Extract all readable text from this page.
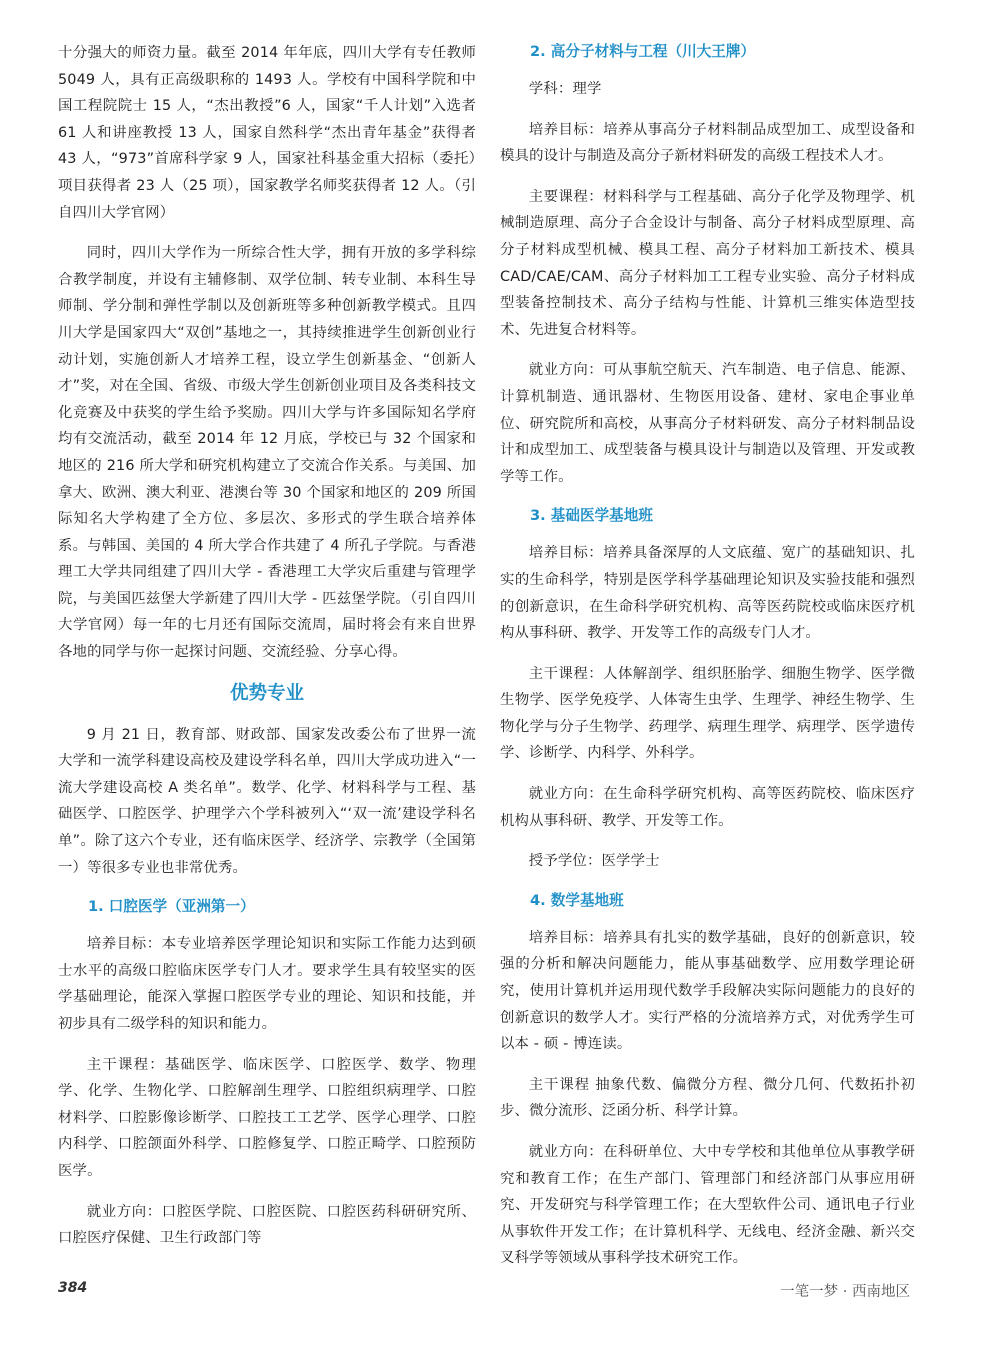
十分强大的师资力量。截至 2014 年年底，四川大学有专任教师 5049 人，具有正高级职称的 1493 人。学校有中国科学院和中国工程院院士 15 人，“杰出教授”6 人，国家“千人计划”入选者 61 人和讲座教授 13 人，国家自然科学“杰出青年基金”获得者 43 人，“973”首席科学家 9 人，国家社科基金重大招标（委托）项目获得者 23 人（25 项），国家教学名师奖获得者 12 人。（引自四川大学官网）

同时，四川大学作为一所综合性大学，拥有开放的多学科综合教学制度，并设有主辅修制、双学位制、转专业制、本科生导师制、学分制和弹性学制以及创新班等多种创新教学模式。且四川大学是国家四大“双创”基地之一，其持续推进学生创新创业行动计划，实施创新人才培养工程，设立学生创新基金、“创新人才”奖，对在全国、省级、市级大学生创新创业项目及各类科技文化竞赛及中获奖的学生给予奖励。四川大学与许多国际知名学府均有交流活动，截至 2014 年 12 月底，学校已与 32 个国家和地区的 216 所大学和研究机构建立了交流合作关系。与美国、加拿大、欧洲、澳大利亚、港澳台等 30 个国家和地区的 209 所国际知名大学构建了全方位、多层次、多形式的学生联合培养体系。与韩国、美国的 4 所大学合作共建了 4 所孔子学院。与香港理工大学共同组建了四川大学 - 香港理工大学灾后重建与管理学院，与美国匹兹堡大学新建了四川大学 - 匹兹堡学院。（引自四川大学官网）每一年的七月还有国际交流周，届时将会有来自世界各地的同学与你一起探讨问题、交流经验、分享心得。

优势专业

9 月 21 日，教育部、财政部、国家发改委公布了世界一流大学和一流学科建设高校及建设学科名单，四川大学成功进入“一流大学建设高校 A 类名单”。数学、化学、材料科学与工程、基础医学、口腔医学、护理学六个学科被列入“‘双一流’建设学科名单”。除了这六个专业，还有临床医学、经济学、宗教学（全国第一）等很多专业也非常优秀。

1. 口腔医学（亚洲第一）

培养目标：本专业培养医学理论知识和实际工作能力达到硕士水平的高级口腔临床医学专门人才。要求学生具有较坚实的医学基础理论，能深入掌握口腔医学专业的理论、知识和技能，并初步具有二级学科的知识和能力。

主干课程：基础医学、临床医学、口腔医学、数学、物理学、化学、生物化学、口腔解剖生理学、口腔组织病理学、口腔材料学、口腔影像诊断学、口腔技工工艺学、医学心理学、口腔内科学、口腔颌面外科学、口腔修复学、口腔正畸学、口腔预防医学。

就业方向：口腔医学院、口腔医院、口腔医药科研研究所、口腔医疗保健、卫生行政部门等

2. 高分子材料与工程（川大王牌）

学科：理学

培养目标：培养从事高分子材料制品成型加工、成型设备和模具的设计与制造及高分子新材料研发的高级工程技术人才。

主要课程：材料科学与工程基础、高分子化学及物理学、机械制造原理、高分子合金设计与制备、高分子材料成型原理、高分子材料成型机械、模具工程、高分子材料加工新技术、模具 CAD/CAE/CAM、高分子材料加工工程专业实验、高分子材料成型装备控制技术、高分子结构与性能、计算机三维实体造型技术、先进复合材料等。

就业方向：可从事航空航天、汽车制造、电子信息、能源、计算机制造、通讯器材、生物医用设备、建材、家电企事业单位、研究院所和高校，从事高分子材料研发、高分子材料制品设计和成型加工、成型装备与模具设计与制造以及管理、开发或教学等工作。

3. 基础医学基地班

培养目标：培养具备深厚的人文底蕴、宽广的基础知识、扎实的生命科学，特别是医学科学基础理论知识及实验技能和强烈的创新意识，在生命科学研究机构、高等医药院校或临床医疗机构从事科研、教学、开发等工作的高级专门人才。

主干课程：人体解剖学、组织胚胎学、细胞生物学、医学微生物学、医学免疫学、人体寄生虫学、生理学、神经生物学、生物化学与分子生物学、药理学、病理生理学、病理学、医学遗传学、诊断学、内科学、外科学。

就业方向：在生命科学研究机构、高等医药院校、临床医疗机构从事科研、教学、开发等工作。

授予学位：医学学士

4. 数学基地班

培养目标：培养具有扎实的数学基础，良好的创新意识，较强的分析和解决问题能力，能从事基础数学、应用数学理论研究，使用计算机并运用现代数学手段解决实际问题能力的良好的创新意识的数学人才。实行严格的分流培养方式，对优秀学生可以本 - 硕 - 博连读。

主干课程 抽象代数、偏微分方程、微分几何、代数拓扑初步、微分流形、泛函分析、科学计算。

就业方向：在科研单位、大中专学校和其他单位从事教学研究和教育工作；在生产部门、管理部门和经济部门从事应用研究、开发研究与科学管理工作；在大型软件公司、通讯电子行业从事软件开发工作；在计算机科学、无线电、经济金融、新兴交叉科学等领域从事科学技术研究工作。

384	一笔一梦 · 西南地区
